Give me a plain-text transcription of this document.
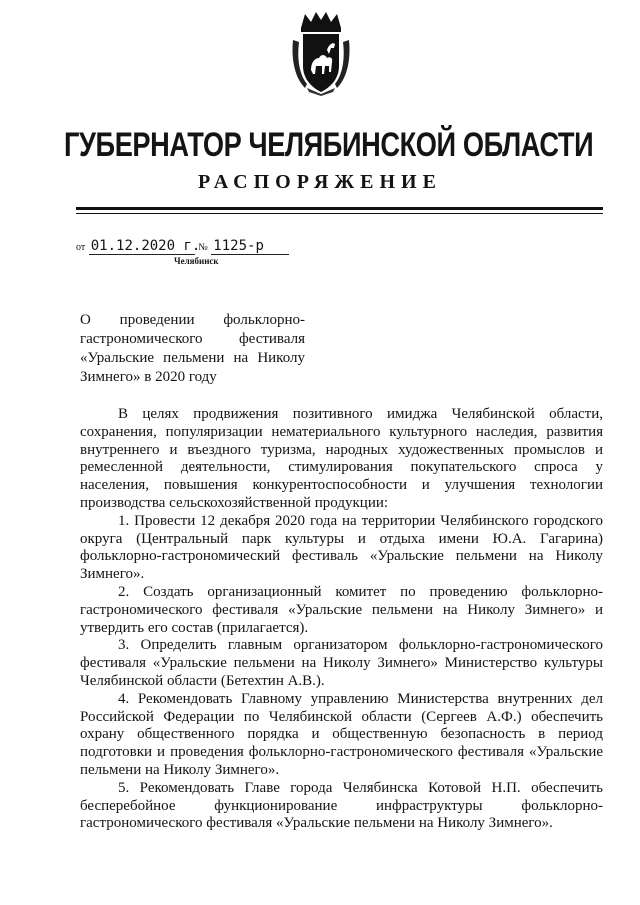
ГУБЕРНАТОР ЧЕЛЯБИНСКОЙ ОБЛАСТИ
РАСПОРЯЖЕНИЕ
от 01.12.2020 г. № 1125-р
Челябинск
О проведении фольклорно-
гастрономического фестиваля
«Уральские пельмени на Николу
Зимнего» в 2020 году

В целях продвижения позитивного имиджа Челябинской области, сохранения, популяризации нематериального культурного наследия, развития внутреннего и въездного туризма, народных художественных промыслов и ремесленной деятельности, стимулирования покупательского спроса у населения, повышения конкурентоспособности и улучшения технологии производства сельскохозяйственной продукции:

1. Провести 12 декабря 2020 года на территории Челябинского городского округа (Центральный парк культуры и отдыха имени Ю.А. Гагарина) фольклорно-гастрономический фестиваль «Уральские пельмени на Николу Зимнего».

2. Создать организационный комитет по проведению фольклорно-гастрономического фестиваля «Уральские пельмени на Николу Зимнего» и утвердить его состав (прилагается).

3. Определить главным организатором фольклорно-гастрономического фестиваля «Уральские пельмени на Николу Зимнего» Министерство культуры Челябинской области (Бетехтин А.В.).

4. Рекомендовать Главному управлению Министерства внутренних дел Российской Федерации по Челябинской области (Сергеев А.Ф.) обеспечить охрану общественного порядка и общественную безопасность в период подготовки и проведения фольклорно-гастрономического фестиваля «Уральские пельмени на Николу Зимнего».

5. Рекомендовать Главе города Челябинска Котовой Н.П. обеспечить бесперебойное функционирование инфраструктуры фольклорно-гастрономического фестиваля «Уральские пельмени на Николу Зимнего».
